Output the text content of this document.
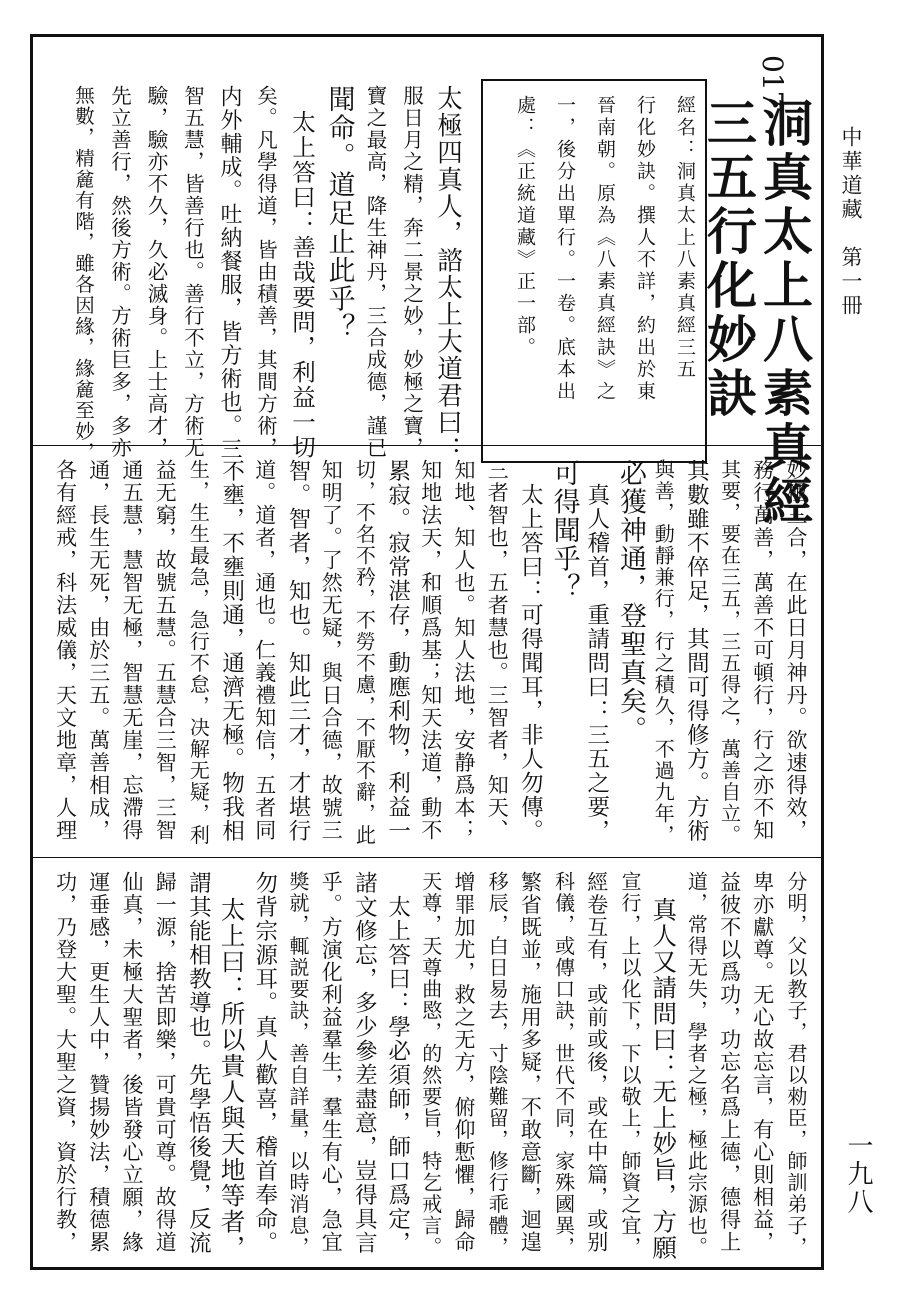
中華道藏　第一冊
一九八
017
洞真太上八素真經
三五行化妙訣
經名：洞真太上八素真經三五
行化妙訣。撰人不詳，約出於東
晉南朝。原為《八素真經訣》之
一，後分出單行。一卷。底本出
處：《正統道藏》正一部。
太極四真人，諮太上大道君曰：
服日月之精，奔二景之妙，妙極之寶，
寶之最高，降生神丹，三合成德，謹已
聞命。道足止此乎？
　太上答曰：善哉要問，利益一切
矣。凡學得道，皆由積善，其間方術，
内外輔成。吐納餐服，皆方術也。三
智五慧，皆善行也。善行不立，方術无
驗，驗亦不久，久必滅身。上士高才，
先立善行，然後方術。方術巨多，多亦
無數，精麄有階，雖各因緣，緣麄至妙，
妙極三合，在此日月神丹。欲速得效，
務行萬善，萬善不可頓行，行之亦不知
其要，要在三五，三五得之，萬善自立。
其數雖不倅足，其間可得修方。方術
與善，動靜兼行，行之積久，不過九年，
必獲神通，登聖真矣。
　真人稽首，重請問曰：三五之要，
可得聞乎？
　太上答曰：可得聞耳，非人勿傳。
三者智也，五者慧也。三智者，知天、
知地、知人也。知人法地，安静爲本；
知地法天，和順爲基；知天法道，動不
累寂。寂常湛存，動應利物，利益一
切，不名不矜，不勞不慮，不厭不辭，此
知明了。了然无疑，與日合德，故號三
智。智者，知也。知此三才，才堪行
道。道者，通也。仁義禮知信，五者同
不壅，不壅則通，通濟无極。物我相
生，生生最急，急行不怠，决解无疑，利
益无窮，故號五慧。五慧合三智，三智
通五慧，慧智无極，智慧无崖，忘滯得
通，長生无死，由於三五。萬善相成，
各有經戒，科法威儀，天文地章，人理
分明，父以教子，君以勑臣，師訓弟子，
卑亦獻尊。无心故忘言，有心則相益，
益彼不以爲功，功忘名爲上德，德得上
道，常得无失，學者之極，極此宗源也。
　真人又請問曰：无上妙旨，方願
宣行，上以化下，下以敬上，師資之宜，
經卷互有，或前或後，或在中篇，或别
科儀，或傳口訣，世代不同，家殊國異，
繁省既並，施用多疑，不敢意斷，迴遑
移辰，白日易去，寸陰難留，修行乖體，
增罪加尤，救之无方，俯仰慙懼，歸命
天尊，天尊曲愍，的然要旨，特乞戒言。
　太上答曰：學必須師，師口爲定，
諸文修忘，多少參差盡意，豈得具言
乎。方演化利益羣生，羣生有心，急宜
獎就，輒説要訣，善自詳量，以時消息，
勿背宗源耳。真人歡喜，稽首奉命。
　太上曰：所以貴人與天地等者，
謂其能相教導也。先學悟後覺，反流
歸一源，捨苦即樂，可貴可尊。故得道
仙真，未極大聖者，後皆發心立願，緣
運垂感，更生人中，贊揚妙法，積德累
功，乃登大聖。大聖之資，資於行教，
